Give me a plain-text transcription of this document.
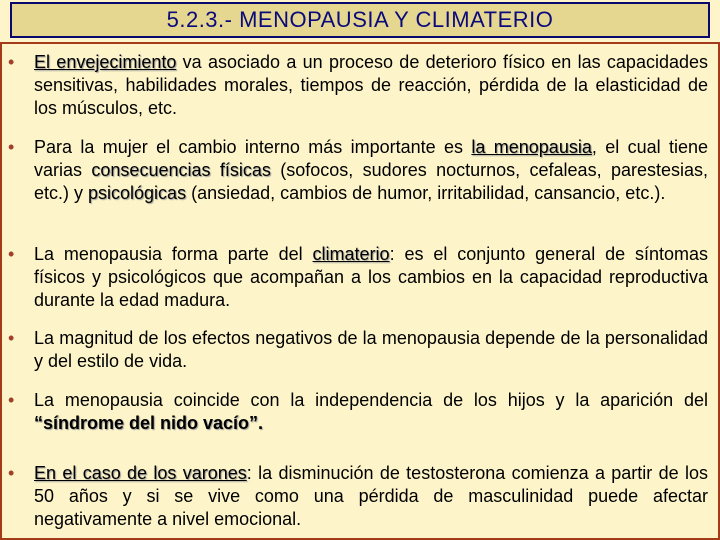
5.2.3.- MENOPAUSIA Y CLIMATERIO
•	El envejecimiento va asociado a un proceso de deterioro físico en las capacidades sensitivas, habilidades morales, tiempos de reacción, pérdida de la elasticidad de los músculos, etc.
•	Para la mujer el cambio interno más importante es la menopausia, el cual tiene varias consecuencias físicas (sofocos, sudores nocturnos, cefaleas, parestesias, etc.) y psicológicas (ansiedad, cambios de humor, irritabilidad, cansancio, etc.).
•	La menopausia forma parte del climaterio: es el conjunto general de síntomas físicos y psicológicos que acompañan a los cambios en la capacidad reproductiva durante la edad madura.
•	La magnitud de los efectos negativos de la menopausia depende de la personalidad y del estilo de vida.
•	La menopausia coincide con la independencia de los hijos y la aparición del “síndrome del nido vacío”.
•	En el caso de los varones: la disminución de testosterona comienza a partir de los 50 años y si se vive como una pérdida de masculinidad puede afectar negativamente a nivel emocional.
